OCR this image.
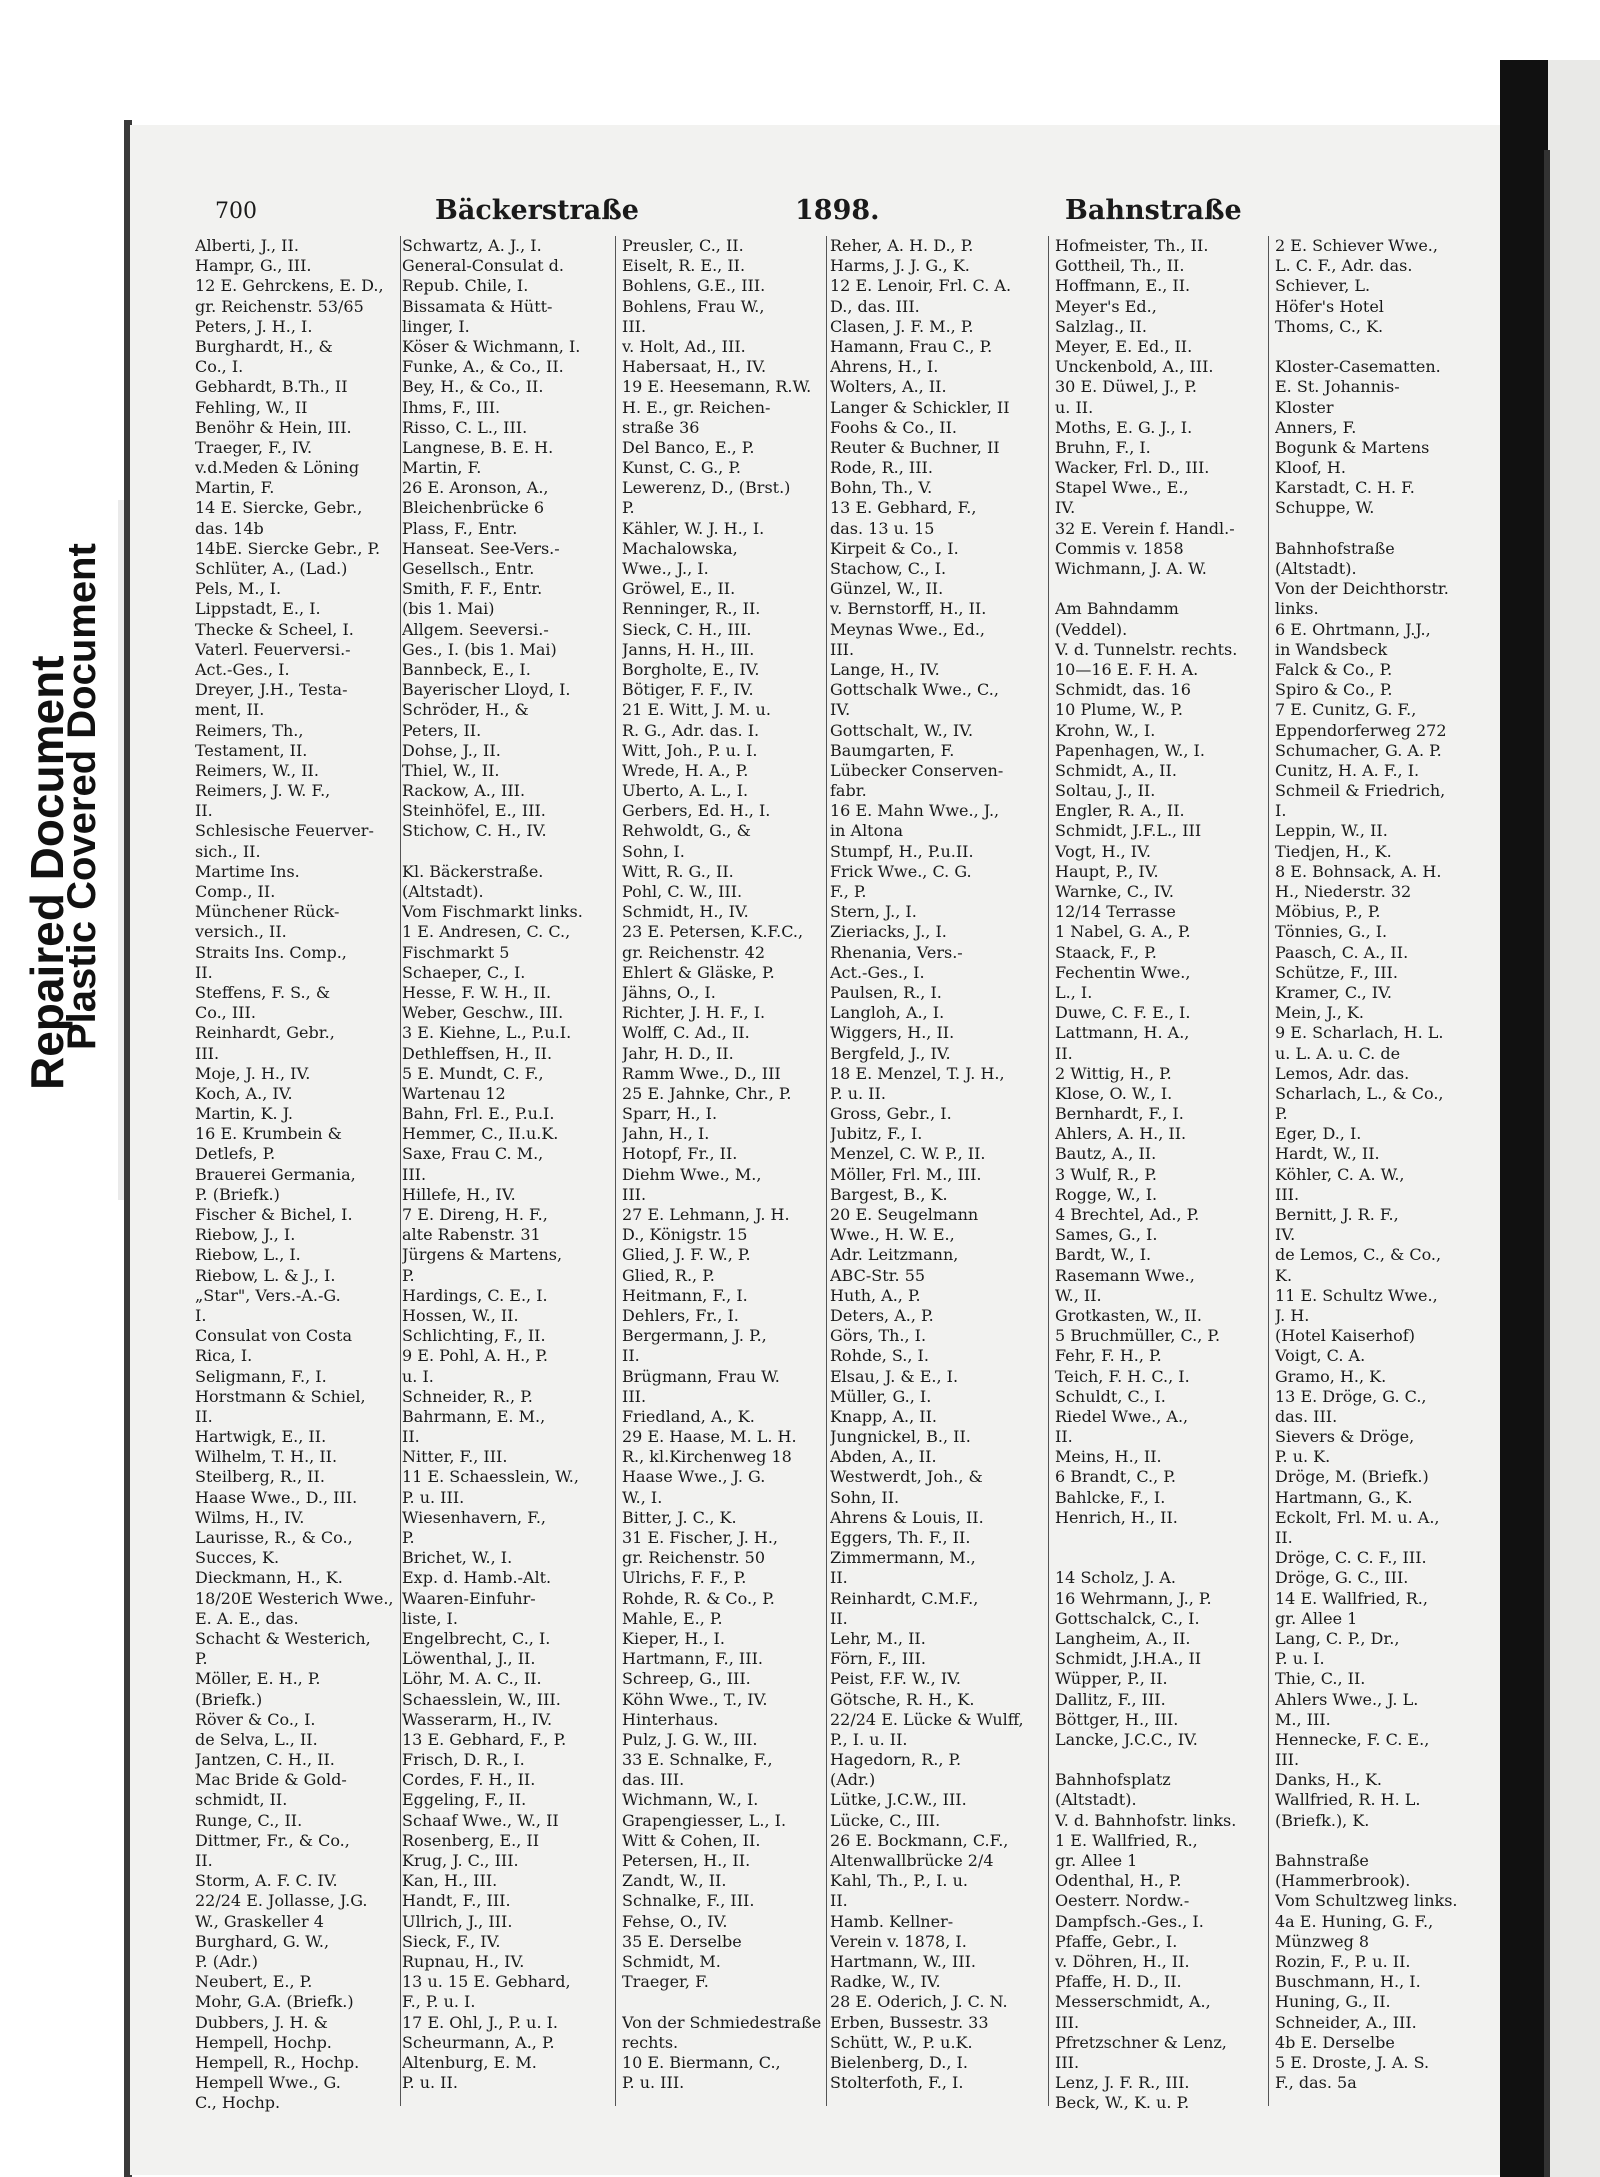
Repaired Document
Plastic Covered Document
700	Bäckerstraße	1898.	Bahnstraße
Alberti, J., II.
Hampr, G., III.
12 E. Gehrckens, E. D.,
gr. Reichenstr. 53/65
Peters, J. H., I.
Burghardt, H., &
Co., I.
Gebhardt, B.Th., II
Fehling, W., II
Benöhr & Hein, III.
Traeger, F., IV.
v.d.Meden & Löning
Martin, F.
14 E. Siercke, Gebr.,
das. 14b
14bE. Siercke Gebr., P.
Schlüter, A., (Lad.)
Pels, M., I.
Lippstadt, E., I.
Thecke & Scheel, I.
Vaterl. Feuerversi.-
Act.-Ges., I.
Dreyer, J.H., Testa-
ment, II.
Reimers, Th.,
Testament, II.
Reimers, W., II.
Reimers, J. W. F.,
II.
Schlesische Feuerver-
sich., II.
Martime Ins.
Comp., II.
Münchener Rück-
versich., II.
Straits Ins. Comp.,
II.
Steffens, F. S., &
Co., III.
Reinhardt, Gebr.,
III.
Moje, J. H., IV.
Koch, A., IV.
Martin, K. J.
16 E. Krumbein &
Detlefs, P.
Brauerei Germania,
P. (Briefk.)
Fischer & Bichel, I.
Riebow, J., I.
Riebow, L., I.
Riebow, L. & J., I.
„Star", Vers.-A.-G.
I.
Consulat von Costa
Rica, I.
Seligmann, F., I.
Horstmann & Schiel,
II.
Hartwigk, E., II.
Wilhelm, T. H., II.
Steilberg, R., II.
Haase Wwe., D., III.
Wilms, H., IV.
Laurisse, R., & Co.,
Succes, K.
Dieckmann, H., K.
18/20E Westerich Wwe.,
E. A. E., das.
Schacht & Westerich,
P.
Möller, E. H., P.
(Briefk.)
Röver & Co., I.
de Selva, L., II.
Jantzen, C. H., II.
Mac Bride & Gold-
schmidt, II.
Runge, C., II.
Dittmer, Fr., & Co.,
II.
Storm, A. F. C. IV.
22/24 E. Jollasse, J.G.
W., Graskeller 4
Burghard, G. W.,
P. (Adr.)
Neubert, E., P.
Mohr, G.A. (Briefk.)
Dubbers, J. H. &
Hempell, Hochp.
Hempell, R., Hochp.
Hempell Wwe., G.
C., Hochp.
Schwartz, A. J., I.
General-Consulat d.
Repub. Chile, I.
Bissamata & Hütt-
linger, I.
Köser & Wichmann, I.
Funke, A., & Co., II.
Bey, H., & Co., II.
Ihms, F., III.
Risso, C. L., III.
Langnese, B. E. H.
Martin, F.
26 E. Aronson, A.,
Bleichenbrücke 6
Plass, F., Entr.
Hanseat. See-Vers.-
Gesellsch., Entr.
Smith, F. F., Entr.
(bis 1. Mai)
Allgem. Seeversi.-
Ges., I. (bis 1. Mai)
Bannbeck, E., I.
Bayerischer Lloyd, I.
Schröder, H., &
Peters, II.
Dohse, J., II.
Thiel, W., II.
Rackow, A., III.
Steinhöfel, E., III.
Stichow, C. H., IV.
Kl. Bäckerstraße.
(Altstadt).
Vom Fischmarkt links.
1 E. Andresen, C. C.,
Fischmarkt 5
Schaeper, C., I.
Hesse, F. W. H., II.
Weber, Geschw., III.
3 E. Kiehne, L., P.u.I.
Dethleffsen, H., II.
5 E. Mundt, C. F.,
Wartenau 12
Bahn, Frl. E., P.u.I.
Hemmer, C., II.u.K.
Saxe, Frau C. M.,
III.
Hillefe, H., IV.
7 E. Direng, H. F.,
alte Rabenstr. 31
Jürgens & Martens,
P.
Hardings, C. E., I.
Hossen, W., II.
Schlichting, F., II.
9 E. Pohl, A. H., P.
u. I.
Schneider, R., P.
Bahrmann, E. M.,
II.
Nitter, F., III.
11 E. Schaesslein, W.,
P. u. III.
Wiesenhavern, F.,
P.
Brichet, W., I.
Exp. d. Hamb.-Alt.
Waaren-Einfuhr-
liste, I.
Engelbrecht, C., I.
Löwenthal, J., II.
Löhr, M. A. C., II.
Schaesslein, W., III.
Wasserarm, H., IV.
13 E. Gebhard, F., P.
Frisch, D. R., I.
Cordes, F. H., II.
Eggeling, F., II.
Schaaf Wwe., W., II
Rosenberg, E., II
Krug, J. C., III.
Kan, H., III.
Handt, F., III.
Ullrich, J., III.
Sieck, F., IV.
Rupnau, H., IV.
13 u. 15 E. Gebhard,
F., P. u. I.
17 E. Ohl, J., P. u. I.
Scheurmann, A., P.
Altenburg, E. M.
P. u. II.
Preusler, C., II.
Eiselt, R. E., II.
Bohlens, G.E., III.
Bohlens, Frau W.,
III.
v. Holt, Ad., III.
Habersaat, H., IV.
19 E. Heesemann, R.W.
H. E., gr. Reichen-
straße 36
Del Banco, E., P.
Kunst, C. G., P.
Lewerenz, D., (Brst.)
P.
Kähler, W. J. H., I.
Machalowska,
Wwe., J., I.
Gröwel, E., II.
Renninger, R., II.
Sieck, C. H., III.
Janns, H. H., III.
Borgholte, E., IV.
Bötiger, F. F., IV.
21 E. Witt, J. M. u.
R. G., Adr. das. I.
Witt, Joh., P. u. I.
Wrede, H. A., P.
Uberto, A. L., I.
Gerbers, Ed. H., I.
Rehwoldt, G., &
Sohn, I.
Witt, R. G., II.
Pohl, C. W., III.
Schmidt, H., IV.
23 E. Petersen, K.F.C.,
gr. Reichenstr. 42
Ehlert & Gläske, P.
Jähns, O., I.
Richter, J. H. F., I.
Wolff, C. Ad., II.
Jahr, H. D., II.
Ramm Wwe., D., III
25 E. Jahnke, Chr., P.
Sparr, H., I.
Jahn, H., I.
Hotopf, Fr., II.
Diehm Wwe., M.,
III.
27 E. Lehmann, J. H.
D., Königstr. 15
Glied, J. F. W., P.
Glied, R., P.
Heitmann, F., I.
Dehlers, Fr., I.
Bergermann, J. P.,
II.
Brügmann, Frau W.
III.
Friedland, A., K.
29 E. Haase, M. L. H.
R., kl.Kirchenweg 18
Haase Wwe., J. G.
W., I.
Bitter, J. C., K.
31 E. Fischer, J. H.,
gr. Reichenstr. 50
Ulrichs, F. F., P.
Rohde, R. & Co., P.
Mahle, E., P.
Kieper, H., I.
Hartmann, F., III.
Schreep, G., III.
Köhn Wwe., T., IV.
Hinterhaus.
Pulz, J. G. W., III.
33 E. Schnalke, F.,
das. III.
Wichmann, W., I.
Grapengiesser, L., I.
Witt & Cohen, II.
Petersen, H., II.
Zandt, W., II.
Schnalke, F., III.
Fehse, O., IV.
35 E. Derselbe
Schmidt, M.
Traeger, F.
Von der Schmiedestraße
rechts.
10 E. Biermann, C.,
P. u. III.
Reher, A. H. D., P.
Harms, J. J. G., K.
12 E. Lenoir, Frl. C. A.
D., das. III.
Clasen, J. F. M., P.
Hamann, Frau C., P.
Ahrens, H., I.
Wolters, A., II.
Langer & Schickler, II
Foohs & Co., II.
Reuter & Buchner, II
Rode, R., III.
Bohn, Th., V.
13 E. Gebhard, F.,
das. 13 u. 15
Kirpeit & Co., I.
Stachow, C., I.
Günzel, W., II.
v. Bernstorff, H., II.
Meynas Wwe., Ed.,
III.
Lange, H., IV.
Gottschalk Wwe., C.,
IV.
Gottschalt, W., IV.
Baumgarten, F.
Lübecker Conserven-
fabr.
16 E. Mahn Wwe., J.,
in Altona
Stumpf, H., P.u.II.
Frick Wwe., C. G.
F., P.
Stern, J., I.
Zieriacks, J., I.
Rhenania, Vers.-
Act.-Ges., I.
Paulsen, R., I.
Langloh, A., I.
Wiggers, H., II.
Bergfeld, J., IV.
18 E. Menzel, T. J. H.,
P. u. II.
Gross, Gebr., I.
Jubitz, F., I.
Menzel, C. W. P., II.
Möller, Frl. M., III.
Bargest, B., K.
20 E. Seugelmann
Wwe., H. W. E.,
Adr. Leitzmann,
ABC-Str. 55
Huth, A., P.
Deters, A., P.
Görs, Th., I.
Rohde, S., I.
Elsau, J. & E., I.
Müller, G., I.
Knapp, A., II.
Jungnickel, B., II.
Abden, A., II.
Westwerdt, Joh., &
Sohn, II.
Ahrens & Louis, II.
Eggers, Th. F., II.
Zimmermann, M.,
II.
Reinhardt, C.M.F.,
II.
Lehr, M., II.
Förn, F., III.
Peist, F.F. W., IV.
Götsche, R. H., K.
22/24 E. Lücke & Wulff,
P., I. u. II.
Hagedorn, R., P.
(Adr.)
Lütke, J.C.W., III.
Lücke, C., III.
26 E. Bockmann, C.F.,
Altenwallbrücke 2/4
Kahl, Th., P., I. u.
II.
Hamb. Kellner-
Verein v. 1878, I.
Hartmann, W., III.
Radke, W., IV.
28 E. Oderich, J. C. N.
Erben, Bussestr. 33
Schütt, W., P. u.K.
Bielenberg, D., I.
Stolterfoth, F., I.
Hofmeister, Th., II.
Gottheil, Th., II.
Hoffmann, E., II.
Meyer's Ed.,
Salzlag., II.
Meyer, E. Ed., II.
Unckenbold, A., III.
30 E. Düwel, J., P.
u. II.
Moths, E. G. J., I.
Bruhn, F., I.
Wacker, Frl. D., III.
Stapel Wwe., E.,
IV.
32 E. Verein f. Handl.-
Commis v. 1858
Wichmann, J. A. W.
Am Bahndamm
(Veddel).
V. d. Tunnelstr. rechts.
10—16 E. F. H. A.
Schmidt, das. 16
10 Plume, W., P.
Krohn, W., I.
Papenhagen, W., I.
Schmidt, A., II.
Soltau, J., II.
Engler, R. A., II.
Schmidt, J.F.L., III
Vogt, H., IV.
Haupt, P., IV.
Warnke, C., IV.
12/14 Terrasse
1 Nabel, G. A., P.
Staack, F., P.
Fechentin Wwe.,
L., I.
Duwe, C. F. E., I.
Lattmann, H. A.,
II.
2 Wittig, H., P.
Klose, O. W., I.
Bernhardt, F., I.
Ahlers, A. H., II.
Bautz, A., II.
3 Wulf, R., P.
Rogge, W., I.
4 Brechtel, Ad., P.
Sames, G., I.
Bardt, W., I.
Rasemann Wwe.,
W., II.
Grotkasten, W., II.
5 Bruchmüller, C., P.
Fehr, F. H., P.
Teich, F. H. C., I.
Schuldt, C., I.
Riedel Wwe., A.,
II.
Meins, H., II.
6 Brandt, C., P.
Bahlcke, F., I.
Henrich, H., II.
14 Scholz, J. A.
16 Wehrmann, J., P.
Gottschalck, C., I.
Langheim, A., II.
Schmidt, J.H.A., II
Wüpper, P., II.
Dallitz, F., III.
Böttger, H., III.
Lancke, J.C.C., IV.
Bahnhofsplatz
(Altstadt).
V. d. Bahnhofstr. links.
1 E. Wallfried, R.,
gr. Allee 1
Odenthal, H., P.
Oesterr. Nordw.-
Dampfsch.-Ges., I.
Pfaffe, Gebr., I.
v. Döhren, H., II.
Pfaffe, H. D., II.
Messerschmidt, A.,
III.
Pfretzschner & Lenz,
III.
Lenz, J. F. R., III.
Beck, W., K. u. P.
2 E. Schiever Wwe.,
L. C. F., Adr. das.
Schiever, L.
Höfer's Hotel
Thoms, C., K.
Kloster-Casematten.
E. St. Johannis-
Kloster
Anners, F.
Bogunk & Martens
Kloof, H.
Karstadt, C. H. F.
Schuppe, W.
Bahnhofstraße
(Altstadt).
Von der Deichthorstr.
links.
6 E. Ohrtmann, J.J.,
in Wandsbeck
Falck & Co., P.
Spiro & Co., P.
7 E. Cunitz, G. F.,
Eppendorferweg 272
Schumacher, G. A. P.
Cunitz, H. A. F., I.
Schmeil & Friedrich,
I.
Leppin, W., II.
Tiedjen, H., K.
8 E. Bohnsack, A. H.
H., Niederstr. 32
Möbius, P., P.
Tönnies, G., I.
Paasch, C. A., II.
Schütze, F., III.
Kramer, C., IV.
Mein, J., K.
9 E. Scharlach, H. L.
u. L. A. u. C. de
Lemos, Adr. das.
Scharlach, L., & Co.,
P.
Eger, D., I.
Hardt, W., II.
Köhler, C. A. W.,
III.
Bernitt, J. R. F.,
IV.
de Lemos, C., & Co.,
K.
11 E. Schultz Wwe.,
J. H.
(Hotel Kaiserhof)
Voigt, C. A.
Gramo, H., K.
13 E. Dröge, G. C.,
das. III.
Sievers & Dröge,
P. u. K.
Dröge, M. (Briefk.)
Hartmann, G., K.
Eckolt, Frl. M. u. A.,
II.
Dröge, C. C. F., III.
Dröge, G. C., III.
14 E. Wallfried, R.,
gr. Allee 1
Lang, C. P., Dr.,
P. u. I.
Thie, C., II.
Ahlers Wwe., J. L.
M., III.
Hennecke, F. C. E.,
III.
Danks, H., K.
Wallfried, R. H. L.
(Briefk.), K.
Bahnstraße
(Hammerbrook).
Vom Schultzweg links.
4a E. Huning, G. F.,
Münzweg 8
Rozin, F., P. u. II.
Buschmann, H., I.
Huning, G., II.
Schneider, A., III.
4b E. Derselbe
5 E. Droste, J. A. S.
F., das. 5a
